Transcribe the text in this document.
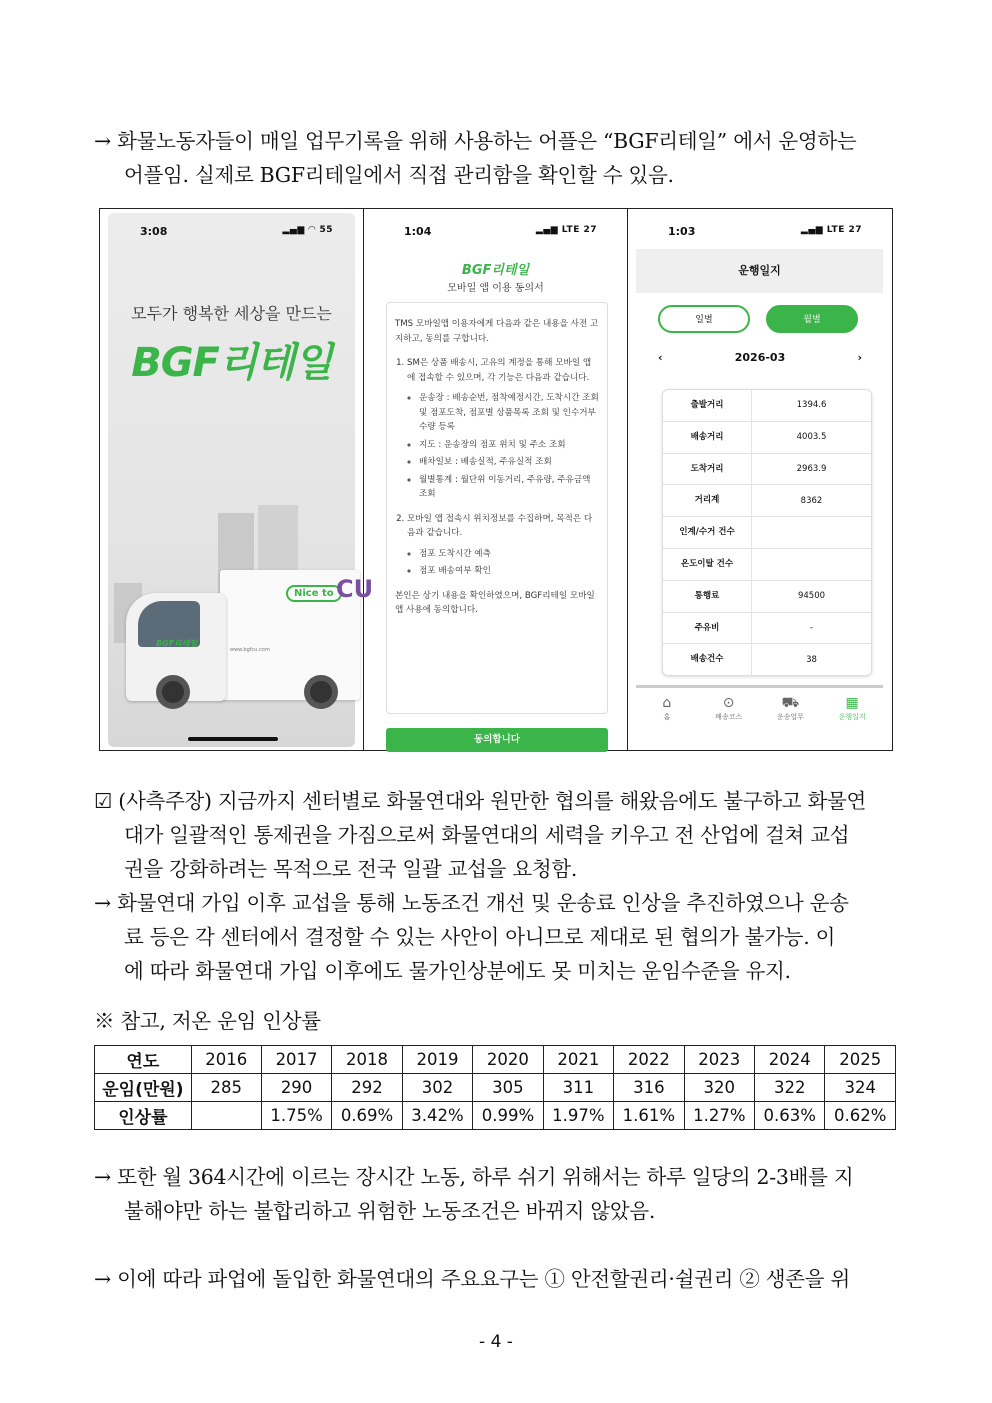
→ 화물노동자들이 매일 업무기록을 위해 사용하는 어플은 “BGF리테일” 에서 운영하는
어플임. 실제로 BGF리테일에서 직접 관리함을 확인할 수 있음.
3:08	▂▄▆ ◠ 55
모두가 행복한 세상을 만드는
BGF리테일
Nice to CU
BGF리테일
www.bgfcu.com
1:04	▂▄▆ LTE 27
BGF리테일
모바일 앱 이용 동의서

TMS 모바일앱 이용자에게 다음과 같은 내용을 사전 고지하고, 동의를 구합니다.

1. SM은 상품 배송시, 고유의 계정을 통해 모바일 앱에 접속할 수 있으며, 각 기능은 다음과 같습니다.
◦ 운송장 : 배송순번, 점착예정시간, 도착시간 조회 및 점포도착, 점포별 상품목록 조회 및 인수거부수량 등록
◦ 지도 : 운송장의 점포 위치 및 주소 조회
◦ 배차일보 : 배송실적, 주유실적 조회
◦ 월별통계 : 월단위 이동거리, 주유량, 주유금액 조회
2. 모바일 앱 접속시 위치정보를 수집하며, 목적은 다음과 같습니다.
◦ 점포 도착시간 예측
◦ 점포 배송여부 확인

본인은 상기 내용을 확인하였으며, BGF리테일 모바일 앱 사용에 동의합니다.

동의합니다
1:03	▂▄▆ LTE 27
운행일지
일별	월별
‹	2026-03	›
출발거리	1394.6
배송거리	4003.5
도착거리	2963.9
거리계	8362
인계/수거 건수
온도이탈 건수
통행료	94500
주유비	-
배송건수	38
⌂
홈
⊙
배송코스
⛟
운송업무
▦
운행일지
☑ (사측주장) 지금까지 센터별로 화물연대와 원만한 협의를 해왔음에도 불구하고 화물연
대가 일괄적인 통제권을 가짐으로써 화물연대의 세력을 키우고 전 산업에 걸쳐 교섭
권을 강화하려는 목적으로 전국 일괄 교섭을 요청함.
→ 화물연대 가입 이후 교섭을 통해 노동조건 개선 및 운송료 인상을 추진하였으나 운송
료 등은 각 센터에서 결정할 수 있는 사안이 아니므로 제대로 된 협의가 불가능. 이
에 따라 화물연대 가입 이후에도 물가인상분에도 못 미치는 운임수준을 유지.
※ 참고, 저온 운임 인상률
연도	2016	2017	2018	2019	2020	2021	2022	2023	2024	2025
운임(만원)	285	290	292	302	305	311	316	320	322	324
인상률		1.75%	0.69%	3.42%	0.99%	1.97%	1.61%	1.27%	0.63%	0.62%
→ 또한 월 364시간에 이르는 장시간 노동, 하루 쉬기 위해서는 하루 일당의 2-3배를 지
불해야만 하는 불합리하고 위험한 노동조건은 바뀌지 않았음.
→ 이에 따라 파업에 돌입한 화물연대의 주요요구는 ① 안전할권리·쉴권리 ② 생존을 위
- 4 -
